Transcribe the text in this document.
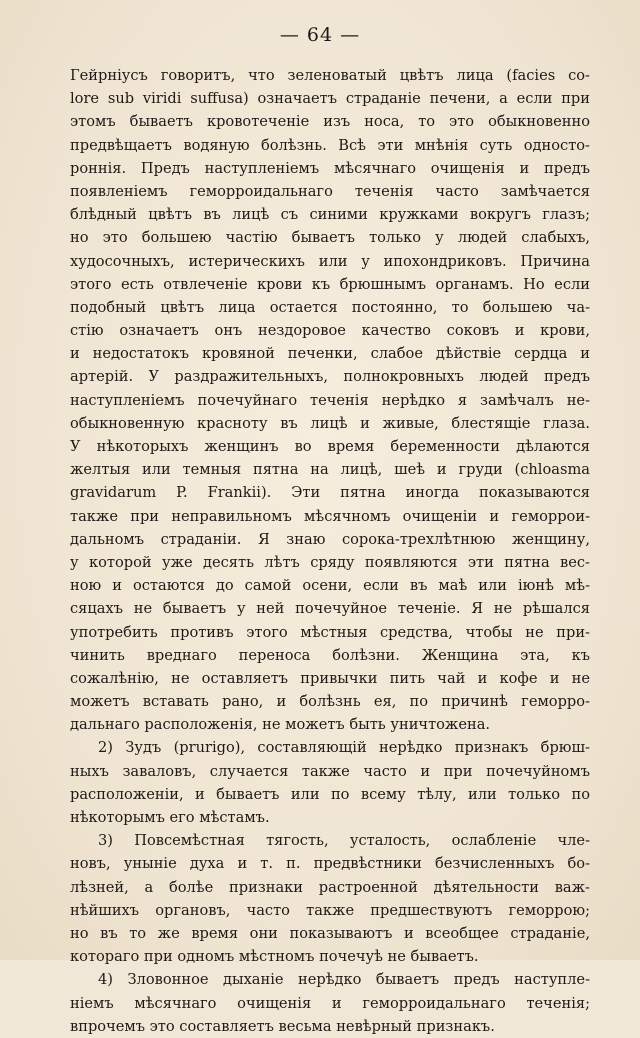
— 64 —
Гейрніусъ говоритъ, что зеленоватый цвѣтъ лица (facies co-
lore sub viridi suffusa) означаетъ страданіе печени, а если при
этомъ бываетъ кровотеченіе изъ носа, то это обыкновенно
предвѣщаетъ водяную болѣзнь. Всѣ эти мнѣнія суть односто-
роннія. Предъ наступленіемъ мѣсячнаго очищенія и предъ
появленіемъ геморроидальнаго теченія часто замѣчается
блѣдный цвѣтъ въ лицѣ съ синими кружками вокругъ глазъ;
но это большею частію бываетъ только у людей слабыхъ,
худосочныхъ, истерическихъ или у ипохондриковъ. Причина
этого есть отвлеченіе крови къ брюшнымъ органамъ. Но если
подобный цвѣтъ лица остается постоянно, то большею ча-
стію означаетъ онъ нездоровое качество соковъ и крови,
и недостатокъ кровяной печенки, слабое дѣйствіе сердца и
артерій. У раздражительныхъ, полнокровныхъ людей предъ
наступленіемъ почечуйнаго теченія нерѣдко я замѣчалъ не-
обыкновенную красноту въ лицѣ и живые, блестящіе глаза.
У нѣкоторыхъ женщинъ во время беременности дѣлаются
желтыя или темныя пятна на лицѣ, шеѣ и груди (chloasma
gravidarum P. Frankii). Эти пятна иногда показываются
также при неправильномъ мѣсячномъ очищеніи и геморрои-
дальномъ страданіи. Я знаю сорока-трехлѣтнюю женщину,
у которой уже десять лѣтъ сряду появляются эти пятна вес-
ною и остаются до самой осени, если въ маѣ или іюнѣ мѣ-
сяцахъ не бываетъ у ней почечуйное теченіе. Я не рѣшался
употребить противъ этого мѣстныя средства, чтобы не при-
чинить вреднаго переноса болѣзни. Женщина эта, къ
сожалѣнію, не оставляетъ привычки пить чай и кофе и не
можетъ вставать рано, и болѣзнь ея, по причинѣ геморро-
дальнаго расположенія, не можетъ быть уничтожена.
2) Зудъ (prurigo), составляющій нерѣдко признакъ брюш-
ныхъ заваловъ, случается также часто и при почечуйномъ
расположеніи, и бываетъ или по всему тѣлу, или только по
нѣкоторымъ его мѣстамъ.
3) Повсемѣстная тягость, усталость, ослабленіе чле-
новъ, уныніе духа и т. п. предвѣстники безчисленныхъ бо-
лѣзней, а болѣе признаки растроенной дѣятельности важ-
нѣйшихъ органовъ, часто также предшествуютъ геморрою;
но въ то же время они показываютъ и всеобщее страданіе,
котораго при одномъ мѣстномъ почечуѣ не бываетъ.
4) Зловонное дыханіе нерѣдко бываетъ предъ наступле-
ніемъ мѣсячнаго очищенія и геморроидальнаго теченія;
впрочемъ это составляетъ весьма невѣрный признакъ.
